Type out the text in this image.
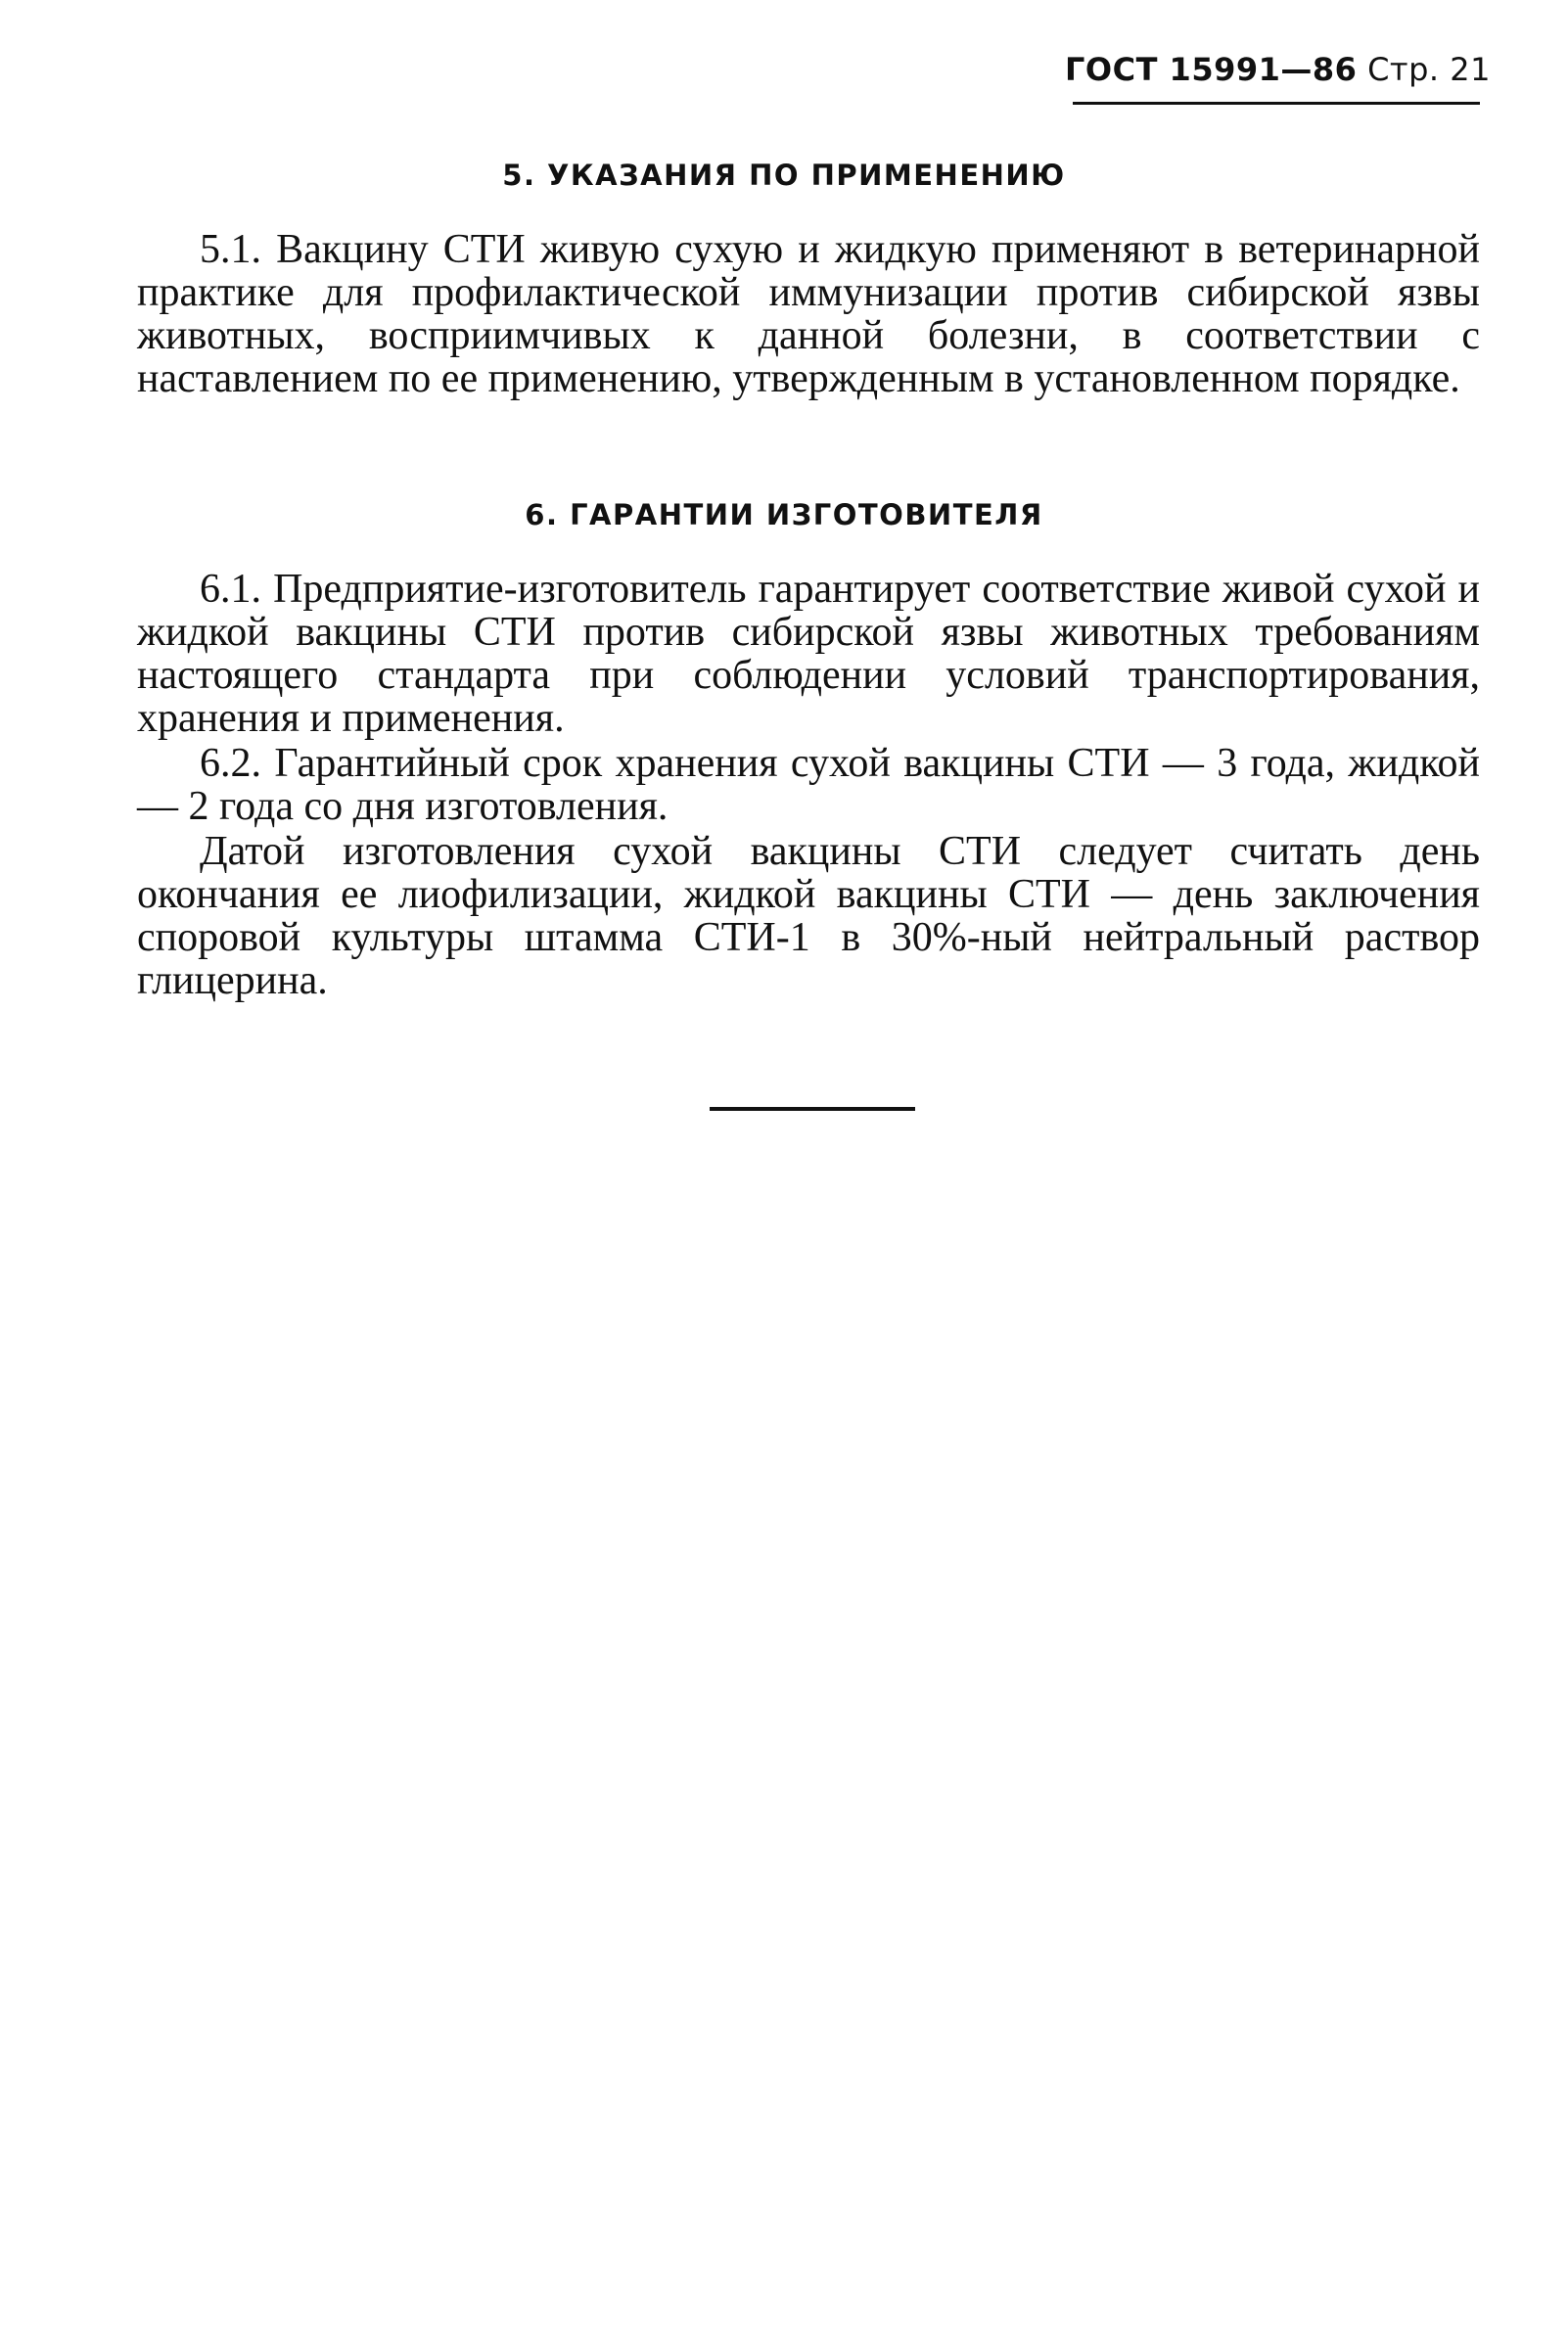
ГОСТ 15991—86 Стр. 21
5. УКАЗАНИЯ ПО ПРИМЕНЕНИЮ

5.1. Вакцину СТИ живую сухую и жидкую применяют в ветеринарной практике для профилактической иммунизации против сибирской язвы животных, восприимчивых к данной болезни, в соответствии с наставлением по ее применению, утвержденным в установленном порядке.

6. ГАРАНТИИ ИЗГОТОВИТЕЛЯ

6.1. Предприятие-изготовитель гарантирует соответствие живой сухой и жидкой вакцины СТИ против сибирской язвы животных требованиям настоящего стандарта при соблюдении условий транспортирования, хранения и применения.

6.2. Гарантийный срок хранения сухой вакцины СТИ — 3 года, жидкой — 2 года со дня изготовления.

Датой изготовления сухой вакцины СТИ следует считать день окончания ее лиофилизации, жидкой вакцины СТИ — день заключения споровой культуры штамма СТИ-1 в 30%-ный нейтральный раствор глицерина.
